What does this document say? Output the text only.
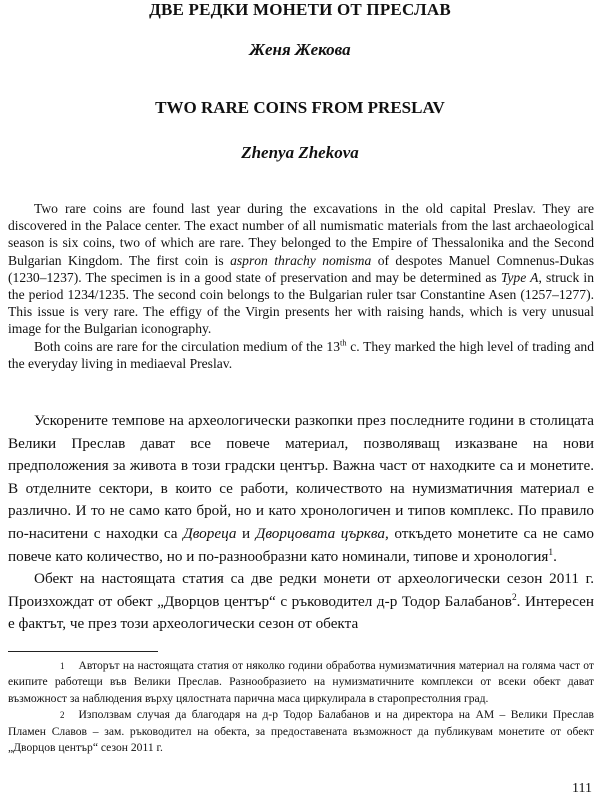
ДВЕ РЕДКИ МОНЕТИ ОТ ПРЕСЛАВ
Женя Жекова
TWO RARE COINS FROM PRESLAV
Zhenya Zhekova

Two rare coins are found last year during the excavations in the old capital Preslav. They are discovered in the Palace center. The exact number of all numismatic materials from the last archaeological season is six coins, two of which are rare. They belonged to the Empire of Thessalonika and the Second Bulgarian Kingdom. The first coin is asprоn thrachy nomisma of despotes Manuel Comnenus-Dukas (1230–1237). The specimen is in a good state of preservation and may be determined as Type A, struck in the period 1234/1235. The second coin belongs to the Bulgarian ruler tsar Constantine Asen (1257–1277). This issue is very rare. The effigy of the Virgin presents her with raising hands, which is very unusual image for the Bulgarian iconography.

Both coins are rare for the circulation medium of the 13th c. They marked the high level of trading and the everyday living in mediaeval Preslav.

Ускорените темпове на археологически разкопки през последните години в столицата Велики Преслав дават все повече материал, позволяващ изказване на нови предположения за живота в този градски център. Важна част от находките са и монетите. В отделните сектори, в които се работи, количеството на нумизматичния материал е различно. И то не само като брой, но и като хронологичен и типов комплекс. По правило по-наситени с находки са Двореца и Дворцовата църква, откъдето монетите са не само повече като количество, но и по-разнообразни като номинали, типове и хронология$^1$.

Обект на настоящата статия са две редки монети от археологически сезон 2011 г. Произхождат от обект „Дворцов център“ с ръководител д-р Тодор Балабанов$^2$. Интересен е фактът, че през този археологически сезон от обекта

1 Авторът на настоящата статия от няколко години обработва нумизматичния материал на голяма част от екипите работещи във Велики Преслав. Разнообразието на нумизматичните комплекси от всеки обект дават възможност за наблюдения върху цялостната парична маса циркулирала в старопрестолния град.

2 Използвам случая да благодаря на д-р Тодор Балабанов и на директора на АМ – Велики Преслав Пламен Славов – зам. ръководител на обекта, за предоставената възможност да публикувам монетите от обект „Дворцов център“ сезон 2011 г.

111
